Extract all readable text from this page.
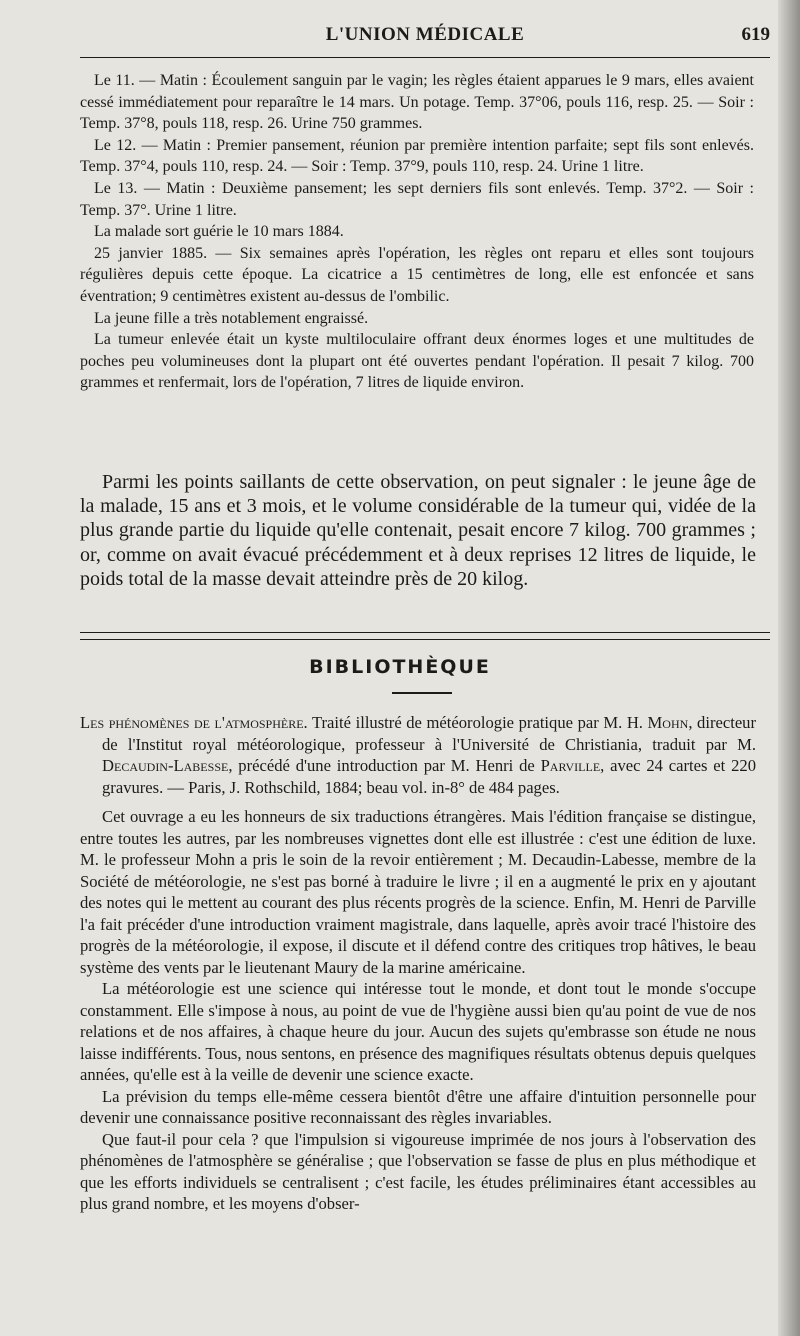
L'UNION MÉDICALE	619

Le 11. — Matin : Écoulement sanguin par le vagin; les règles étaient apparues le 9 mars, elles avaient cessé immédiatement pour reparaître le 14 mars. Un potage. Temp. 37°06, pouls 116, resp. 25. — Soir : Temp. 37°8, pouls 118, resp. 26. Urine 750 grammes.

Le 12. — Matin : Premier pansement, réunion par première intention parfaite; sept fils sont enlevés. Temp. 37°4, pouls 110, resp. 24. — Soir : Temp. 37°9, pouls 110, resp. 24. Urine 1 litre.

Le 13. — Matin : Deuxième pansement; les sept derniers fils sont enlevés. Temp. 37°2. — Soir : Temp. 37°. Urine 1 litre.

La malade sort guérie le 10 mars 1884.

25 janvier 1885. — Six semaines après l'opération, les règles ont reparu et elles sont toujours régulières depuis cette époque. La cicatrice a 15 centimètres de long, elle est enfoncée et sans éventration; 9 centimètres existent au-dessus de l'ombilic.

La jeune fille a très notablement engraissé.

La tumeur enlevée était un kyste multiloculaire offrant deux énormes loges et une multitudes de poches peu volumineuses dont la plupart ont été ouvertes pendant l'opération. Il pesait 7 kilog. 700 grammes et renfermait, lors de l'opération, 7 litres de liquide environ.

Parmi les points saillants de cette observation, on peut signaler : le jeune âge de la malade, 15 ans et 3 mois, et le volume considérable de la tumeur qui, vidée de la plus grande partie du liquide qu'elle contenait, pesait encore 7 kilog. 700 grammes ; or, comme on avait évacué précédemment et à deux reprises 12 litres de liquide, le poids total de la masse devait atteindre près de 20 kilog.

BIBLIOTHÈQUE

Les phénomènes de l'atmosphère. Traité illustré de météorologie pratique par M. H. Mohn, directeur de l'Institut royal météorologique, professeur à l'Université de Christiania, traduit par M. Decaudin-Labesse, précédé d'une introduction par M. Henri de Parville, avec 24 cartes et 220 gravures. — Paris, J. Rothschild, 1884; beau vol. in-8° de 484 pages.

Cet ouvrage a eu les honneurs de six traductions étrangères. Mais l'édition française se distingue, entre toutes les autres, par les nombreuses vignettes dont elle est illustrée : c'est une édition de luxe. M. le professeur Mohn a pris le soin de la revoir entièrement ; M. Decaudin-Labesse, membre de la Société de météorologie, ne s'est pas borné à traduire le livre ; il en a augmenté le prix en y ajoutant des notes qui le mettent au courant des plus récents progrès de la science. Enfin, M. Henri de Parville l'a fait précéder d'une introduction vraiment magistrale, dans laquelle, après avoir tracé l'histoire des progrès de la météorologie, il expose, il discute et il défend contre des critiques trop hâtives, le beau système des vents par le lieutenant Maury de la marine américaine.

La météorologie est une science qui intéresse tout le monde, et dont tout le monde s'occupe constamment. Elle s'impose à nous, au point de vue de l'hygiène aussi bien qu'au point de vue de nos relations et de nos affaires, à chaque heure du jour. Aucun des sujets qu'embrasse son étude ne nous laisse indifférents. Tous, nous sentons, en présence des magnifiques résultats obtenus depuis quelques années, qu'elle est à la veille de devenir une science exacte.

La prévision du temps elle-même cessera bientôt d'être une affaire d'intuition personnelle pour devenir une connaissance positive reconnaissant des règles invariables.

Que faut-il pour cela ? que l'impulsion si vigoureuse imprimée de nos jours à l'observation des phénomènes de l'atmosphère se généralise ; que l'observation se fasse de plus en plus méthodique et que les efforts individuels se centralisent ; c'est facile, les études préliminaires étant accessibles au plus grand nombre, et les moyens d'obser-
